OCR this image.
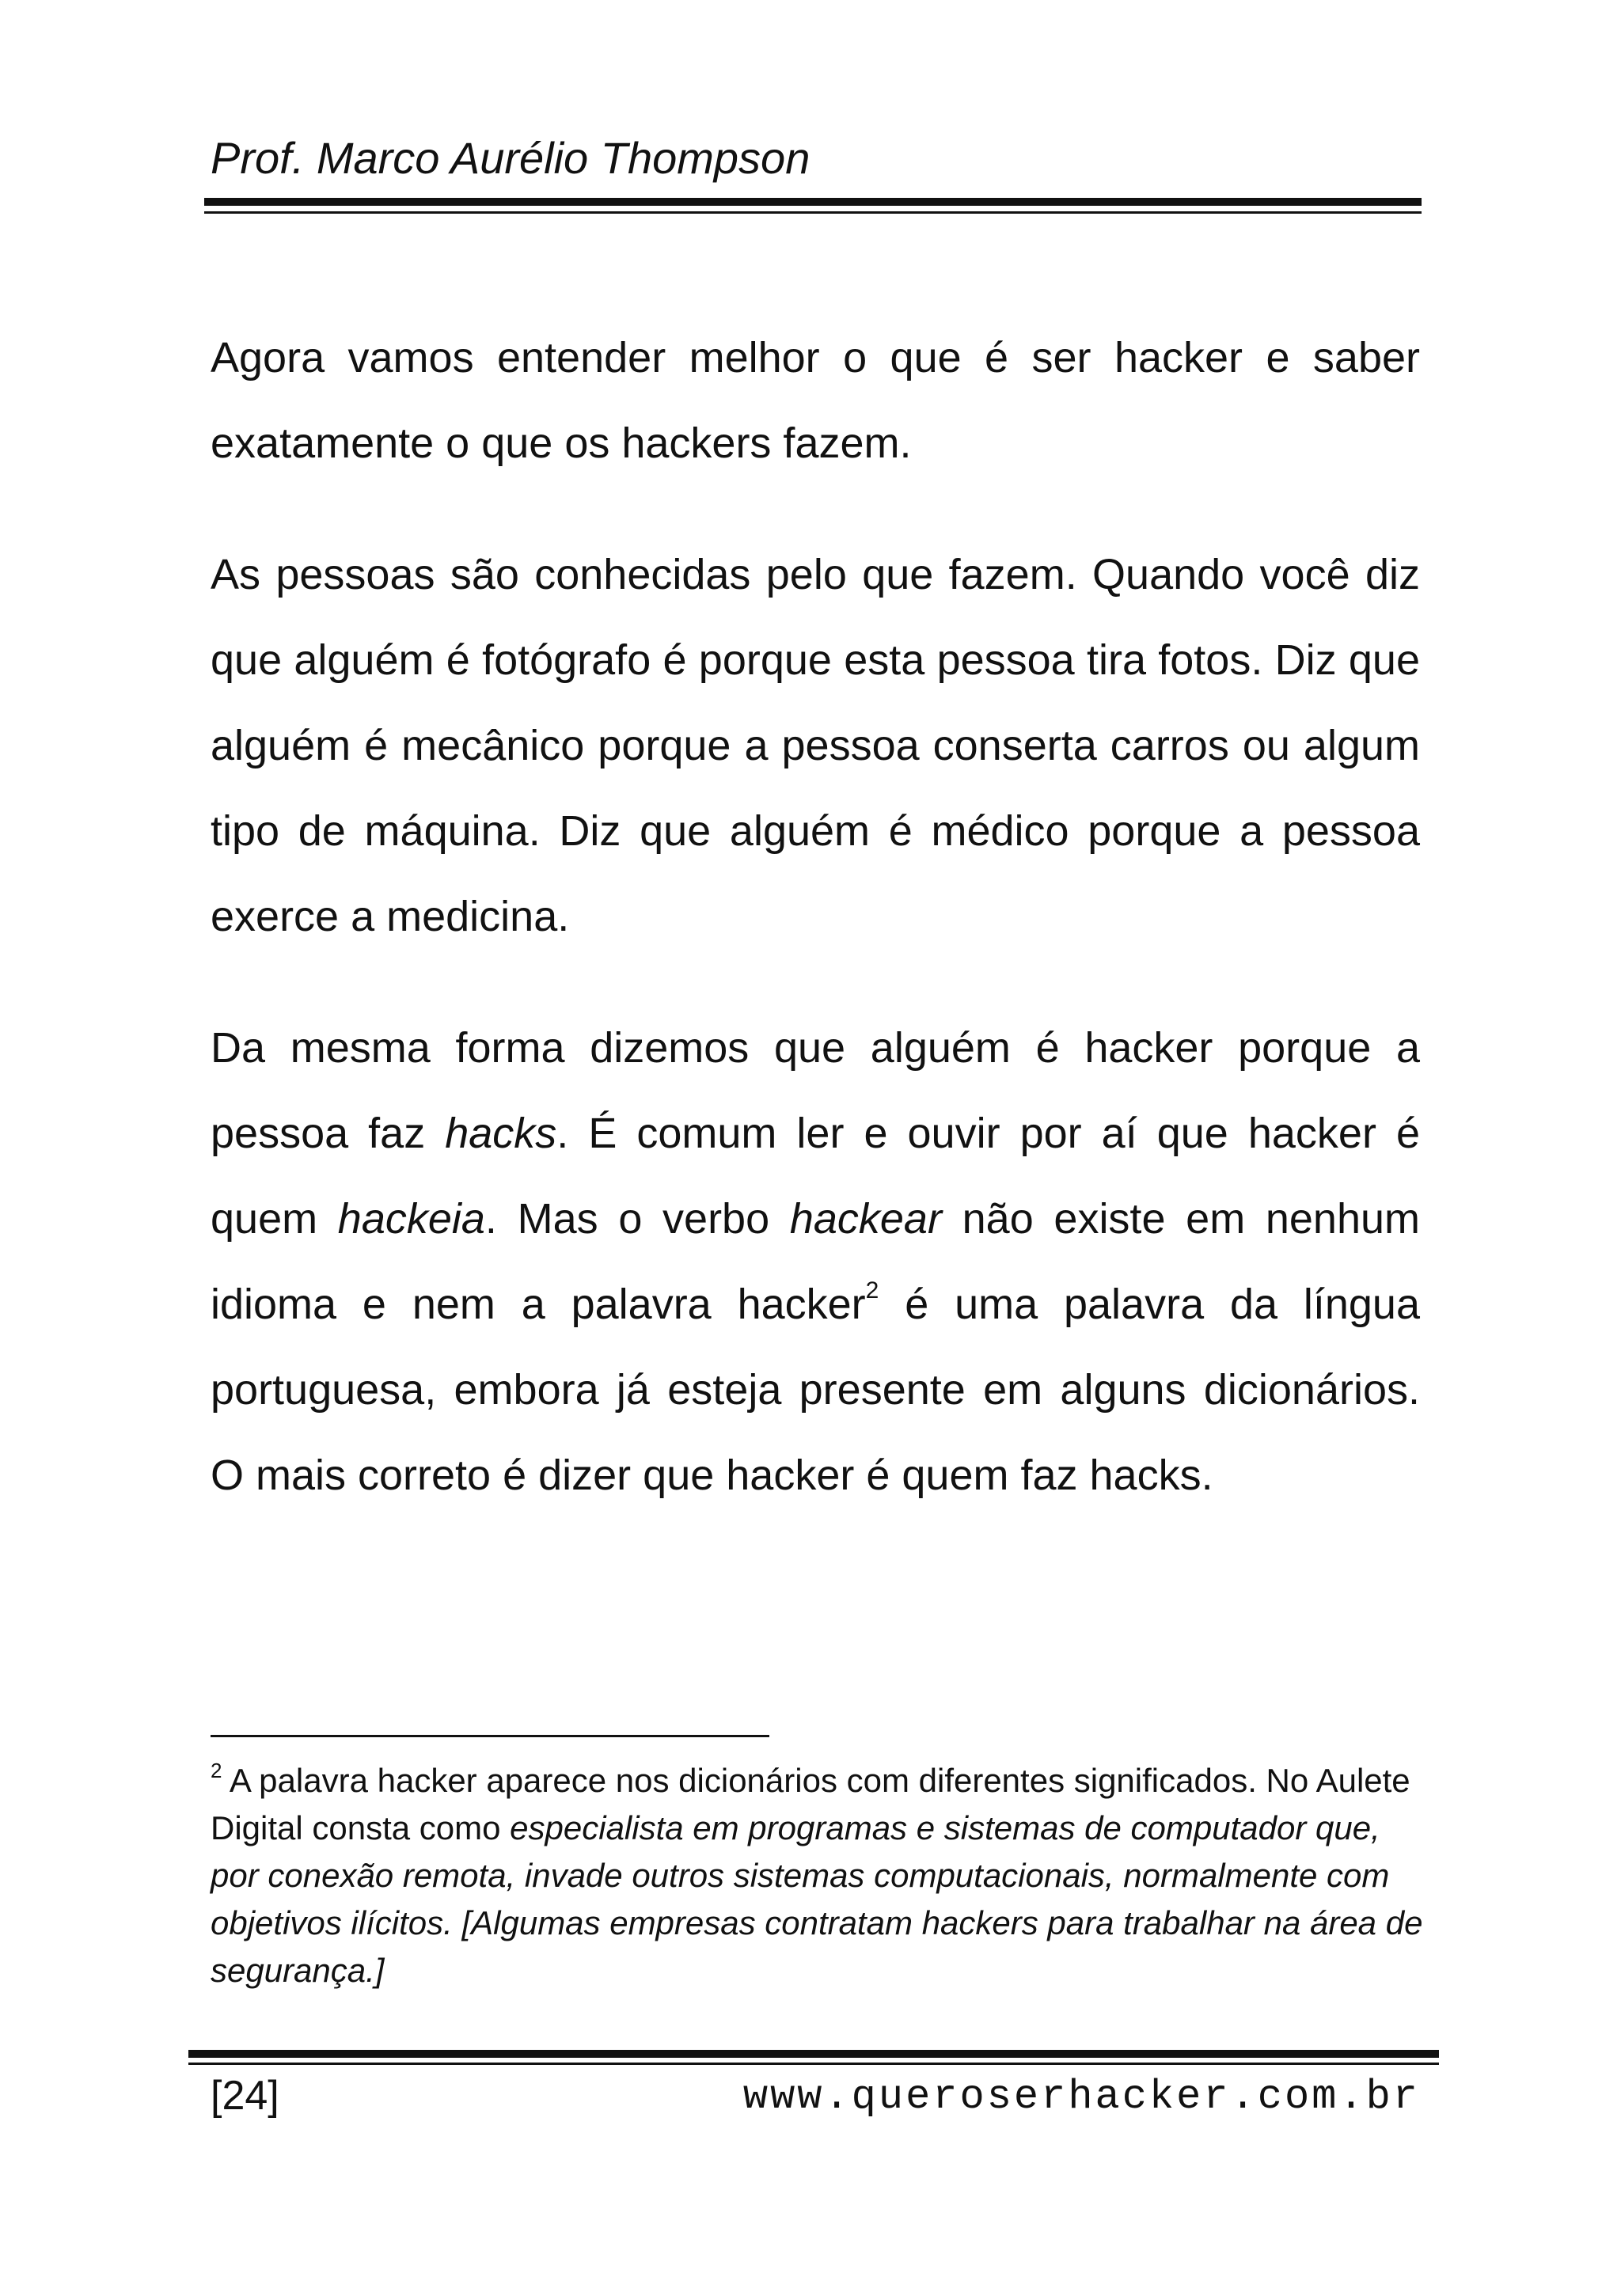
Prof. Marco Aurélio Thompson

Agora vamos entender melhor o que é ser hacker e saber exatamente o que os hackers fazem.

As pessoas são conhecidas pelo que fazem. Quando você diz que alguém é fotógrafo é porque esta pessoa tira fotos. Diz que alguém é mecânico porque a pessoa conserta carros ou algum tipo de máquina. Diz que alguém é médico porque a pessoa exerce a medicina.

Da mesma forma dizemos que alguém é hacker porque a pessoa faz hacks. É comum ler e ouvir por aí que hacker é quem hackeia. Mas o verbo hackear não existe em nenhum idioma e nem a palavra hacker$^2$ é uma palavra da língua portuguesa, embora já esteja presente em alguns dicionários. O mais correto é dizer que hacker é quem faz hacks.

$^2$ A palavra hacker aparece nos dicionários com diferentes significados. No Aulete Digital consta como especialista em programas e sistemas de computador que, por conexão remota, invade outros sistemas computacionais, normalmente com objetivos ilícitos. [Algumas empresas contratam hackers para trabalhar na área de segurança.]

[24]	www.queroserhacker.com.br
